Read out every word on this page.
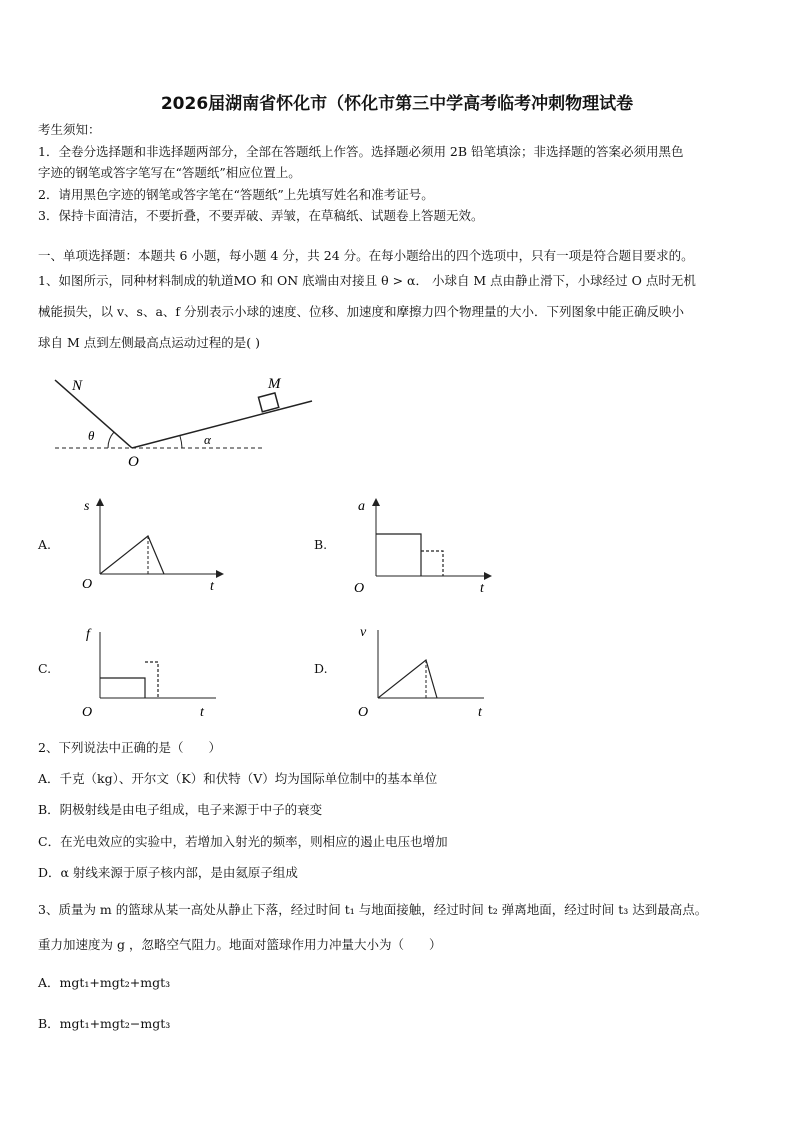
2026届湖南省怀化市（怀化市第三中学高考临考冲刺物理试卷
考生须知：
1．全卷分选择题和非选择题两部分，全部在答题纸上作答。选择题必须用 2B 铅笔填涂；非选择题的答案必须用黑色
字迹的钢笔或答字笔写在“答题纸”相应位置上。
2．请用黑色字迹的钢笔或答字笔在“答题纸”上先填写姓名和准考证号。
3．保持卡面清洁，不要折叠，不要弄破、弄皱，在草稿纸、试题卷上答题无效。
一、单项选择题：本题共 6 小题，每小题 4 分，共 24 分。在每小题给出的四个选项中，只有一项是符合题目要求的。
1、如图所示，同种材料制成的轨道MO 和 ON 底端由对接且 θ > α． 小球自 M 点由静止滑下，小球经过 O 点时无机
械能损失，以 v、s、a、f 分别表示小球的速度、位移、加速度和摩擦力四个物理量的大小．下列图象中能正确反映小
球自 M 点到左侧最高点运动过程的是( )
N	M
O
θ	α
A.
s
t
O
B.
a
t
O
C.
f
t
O
D.
v
t
O
2、下列说法中正确的是（　　）
A．千克（kg）、开尔文（K）和伏特（V）均为国际单位制中的基本单位
B．阴极射线是由电子组成，电子来源于中子的衰变
C．在光电效应的实验中，若增加入射光的频率，则相应的遏止电压也增加
D．α 射线来源于原子核内部，是由氦原子组成
3、质量为 m 的篮球从某一高处从静止下落，经过时间 t₁ 与地面接触，经过时间 t₂ 弹离地面，经过时间 t₃ 达到最高点。
重力加速度为 g ，忽略空气阻力。地面对篮球作用力冲量大小为（　　）
A．mgt₁+mgt₂+mgt₃
B．mgt₁+mgt₂−mgt₃
